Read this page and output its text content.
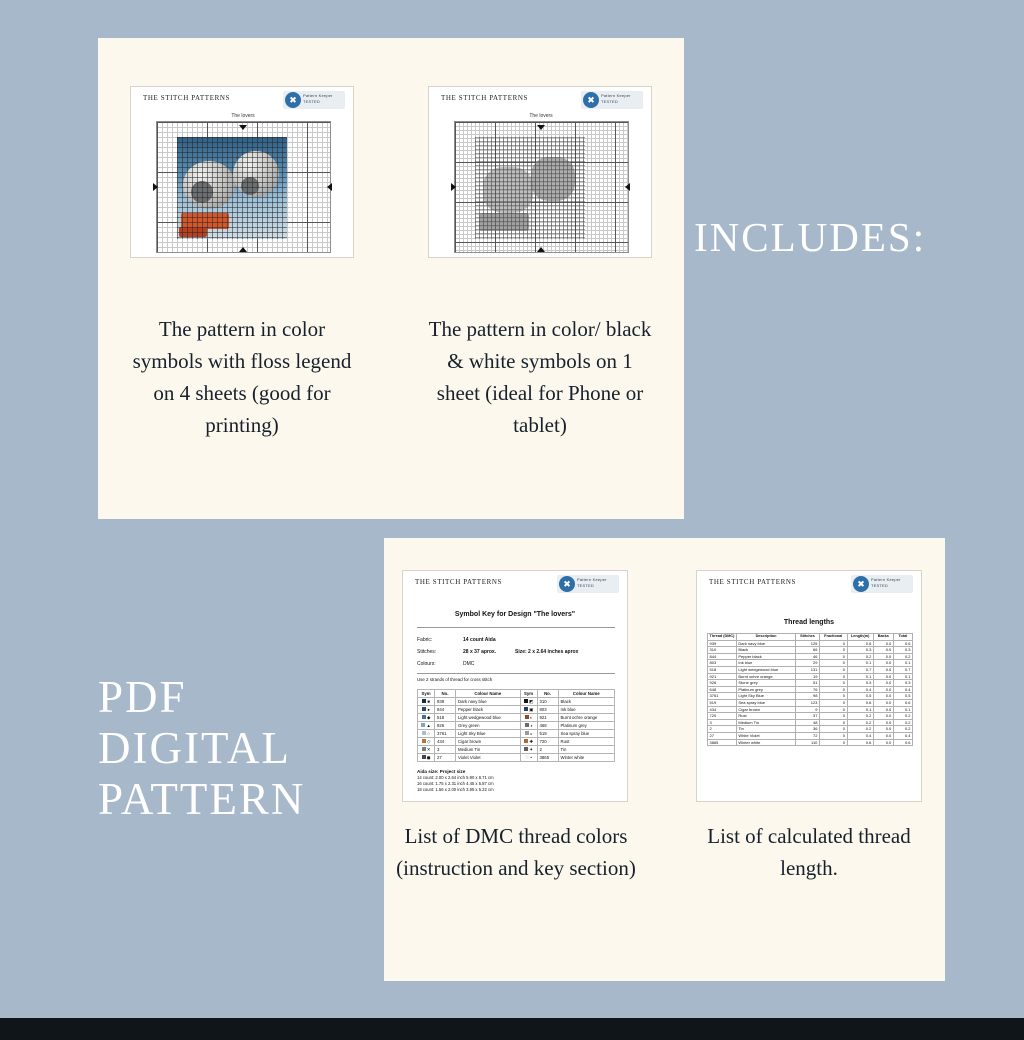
THE STITCH PATTERNS	✖	Pattern Keeper
TESTED
The lovers
The pattern in color symbols with floss legend on 4 sheets (good for printing)
THE STITCH PATTERNS	✖	Pattern Keeper
TESTED
The lovers
The pattern in color/ black & white symbols on 1 sheet (ideal for Phone or tablet)
THE STITCH PATTERNS	✖	Pattern Keeper
TESTED
Symbol Key for Design "The lovers"
Fabric:	14 count Aida
Stitches:	28 x 37 aprox.	Size: 2 x 2.64 inches aprox
Colours:	DMC
Use 2 strands of thread for cross stitch
Sym	No.	Colour Name	Sym	No.	Colour Name
■	939	Dark navy blue	◩	310	Black
●	844	Pepper black	▣	803	Ink blue
◆	518	Light wedgewood blue	◐	921	Burnt ochre orange
▲	926	Grey green	◑	468	Platinum grey
○	3761	Light Sky Blue	◒	519	Sea spray blue
◇	434	Cigar brown	✚	720	Rust
✕	3	Medium Tin	✦	2	Tin
◼	27	Violet Violet	•	3865	Winter white
Aida size: Project size
14 count: 2.00 x 2.64 inch 5.90 x 6.71 cm
16 count: 1.75 x 2.31 inch 4.45 x 5.87 cm
18 count: 1.56 x 2.00 inch 3.95 x 5.22 cm
List of DMC thread colors (instruction and key section)
THE STITCH PATTERNS	✖	Pattern Keeper
TESTED
Thread lengths
Thread (DMC)	Description	Stitches	Fractional	Length(m)	Backs	Total
939	Dark navy blue	125	0	0.6	0.0	0.6
310	Black	66	0	0.3	0.0	0.3
844	Pepper black	46	0	0.2	0.0	0.2
803	Ink blue	29	0	0.1	0.0	0.1
518	Light wedgewood blue	131	0	0.7	0.0	0.7
921	Burnt ochre orange	19	0	0.1	0.0	0.1
926	Stone grey	51	0	0.3	0.0	0.3
648	Platinum grey	76	0	0.4	0.0	0.4
3761	Light Sky Blue	98	0	0.5	0.0	0.5
519	Sea spray blue	123	0	0.6	0.0	0.6
434	Cigar brown	9	0	0.1	0.0	0.1
720	Rust	37	0	0.2	0.0	0.2
3	Medium Tin	48	0	0.2	0.0	0.2
2	Tin	36	0	0.2	0.0	0.2
27	White Violet	72	0	0.4	0.0	0.4
3865	Winter white	110	0	0.6	0.0	0.6
List of calculated thread length.
INCLUDES:
PDF
DIGITAL
PATTERN
